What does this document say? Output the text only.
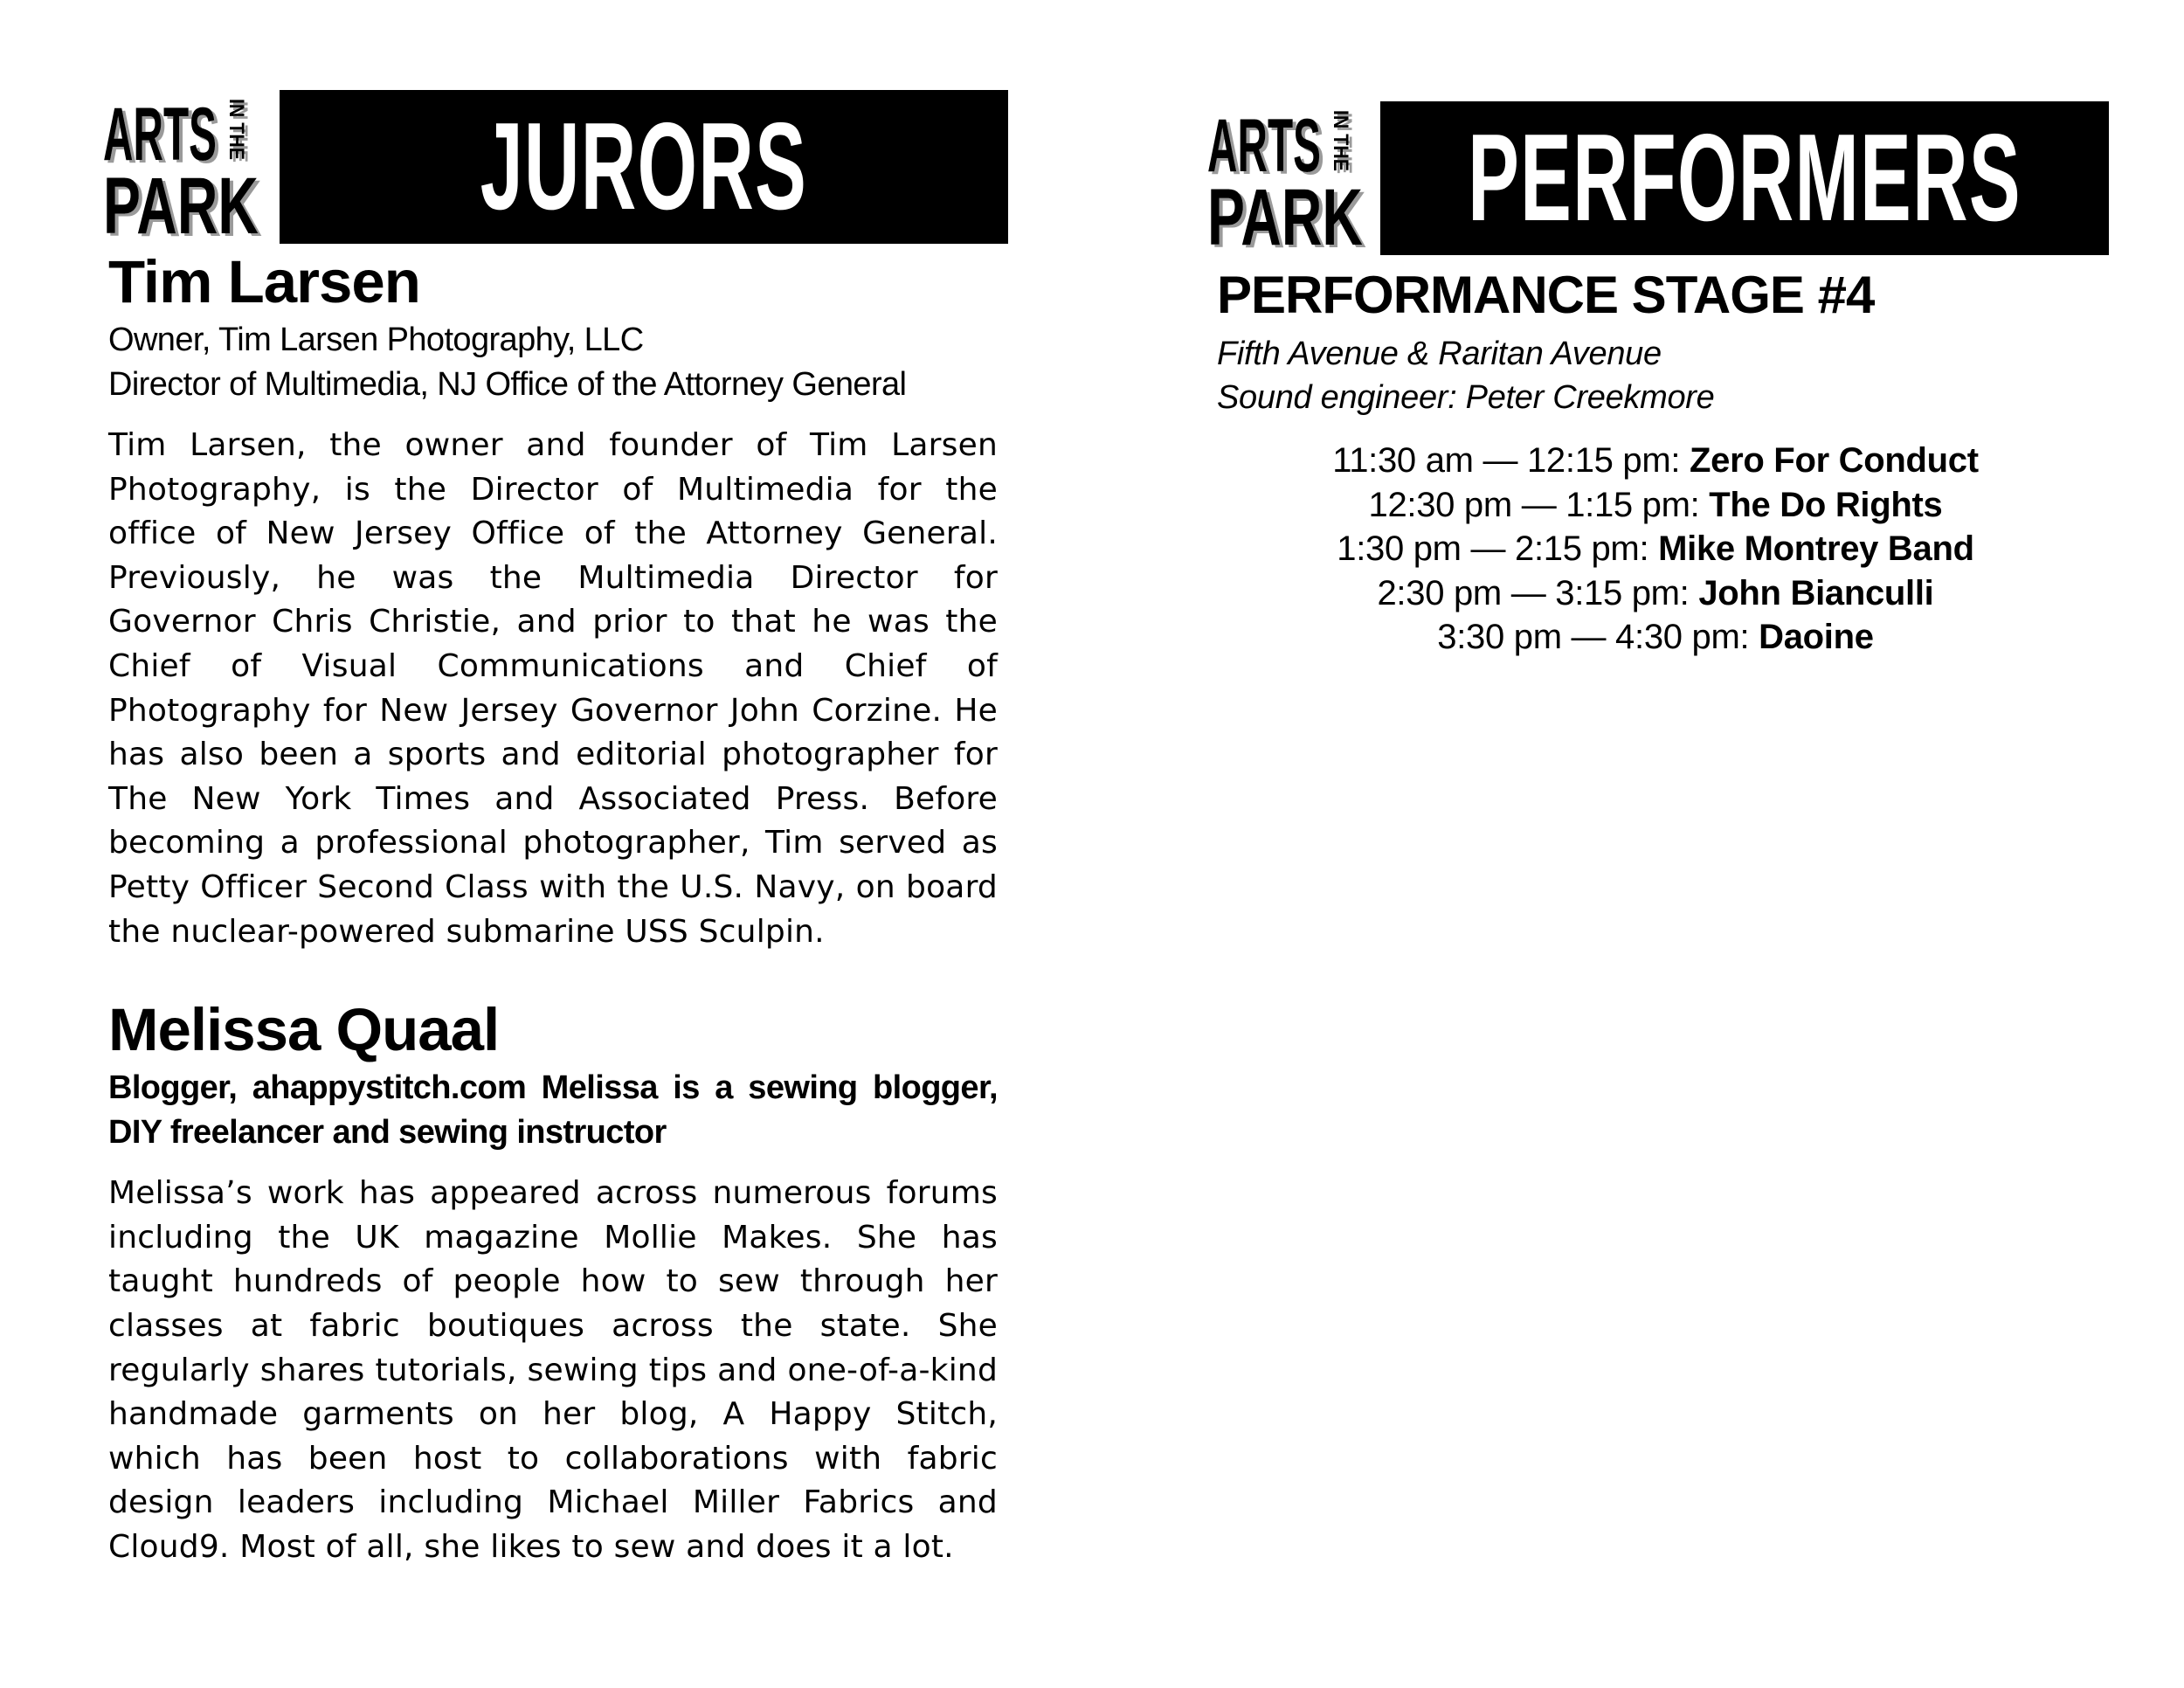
ARTS
PARK
IN THE JURORS
Tim Larsen
Owner, Tim Larsen Photography, LLC
Director of Multimedia, NJ Office of the Attorney General

Tim Larsen, the owner and founder of Tim Larsen Photography, is the Director of Multimedia for the office of New Jersey Office of the Attorney General. Previously, he was the Multimedia Director for Governor Chris Christie, and prior to that he was the Chief of Visual Communications and Chief of Photography for New Jersey Governor John Corzine. He has also been a sports and editorial photographer for The New York Times and Associated Press. Before becoming a professional photographer, Tim served as Petty Officer Second Class with the U.S. Navy, on board the nuclear-powered submarine USS Sculpin.

Melissa Quaal
Blogger, ahappystitch.com Melissa is a sewing blogger, DIY freelancer and sewing instructor

Melissa’s work has appeared across numerous forums including the UK magazine Mollie Makes. She has taught hundreds of people how to sew through her classes at fabric boutiques across the state. She regularly shares tutorials, sewing tips and one-of-a-kind handmade garments on her blog, A Happy Stitch, which has been host to collaborations with fabric design leaders including Michael Miller Fabrics and Cloud9. Most of all, she likes to sew and does it a lot.

ARTS
PARK
IN THE PERFORMERS
PERFORMANCE STAGE #4

Fifth Avenue & Raritan Avenue

Sound engineer: Peter Creekmore

11:30 am — 12:15 pm: Zero For Conduct
12:30 pm — 1:15 pm: The Do Rights
1:30 pm — 2:15 pm: Mike Montrey Band
2:30 pm — 3:15 pm: John Bianculli
3:30 pm — 4:30 pm: Daoine
